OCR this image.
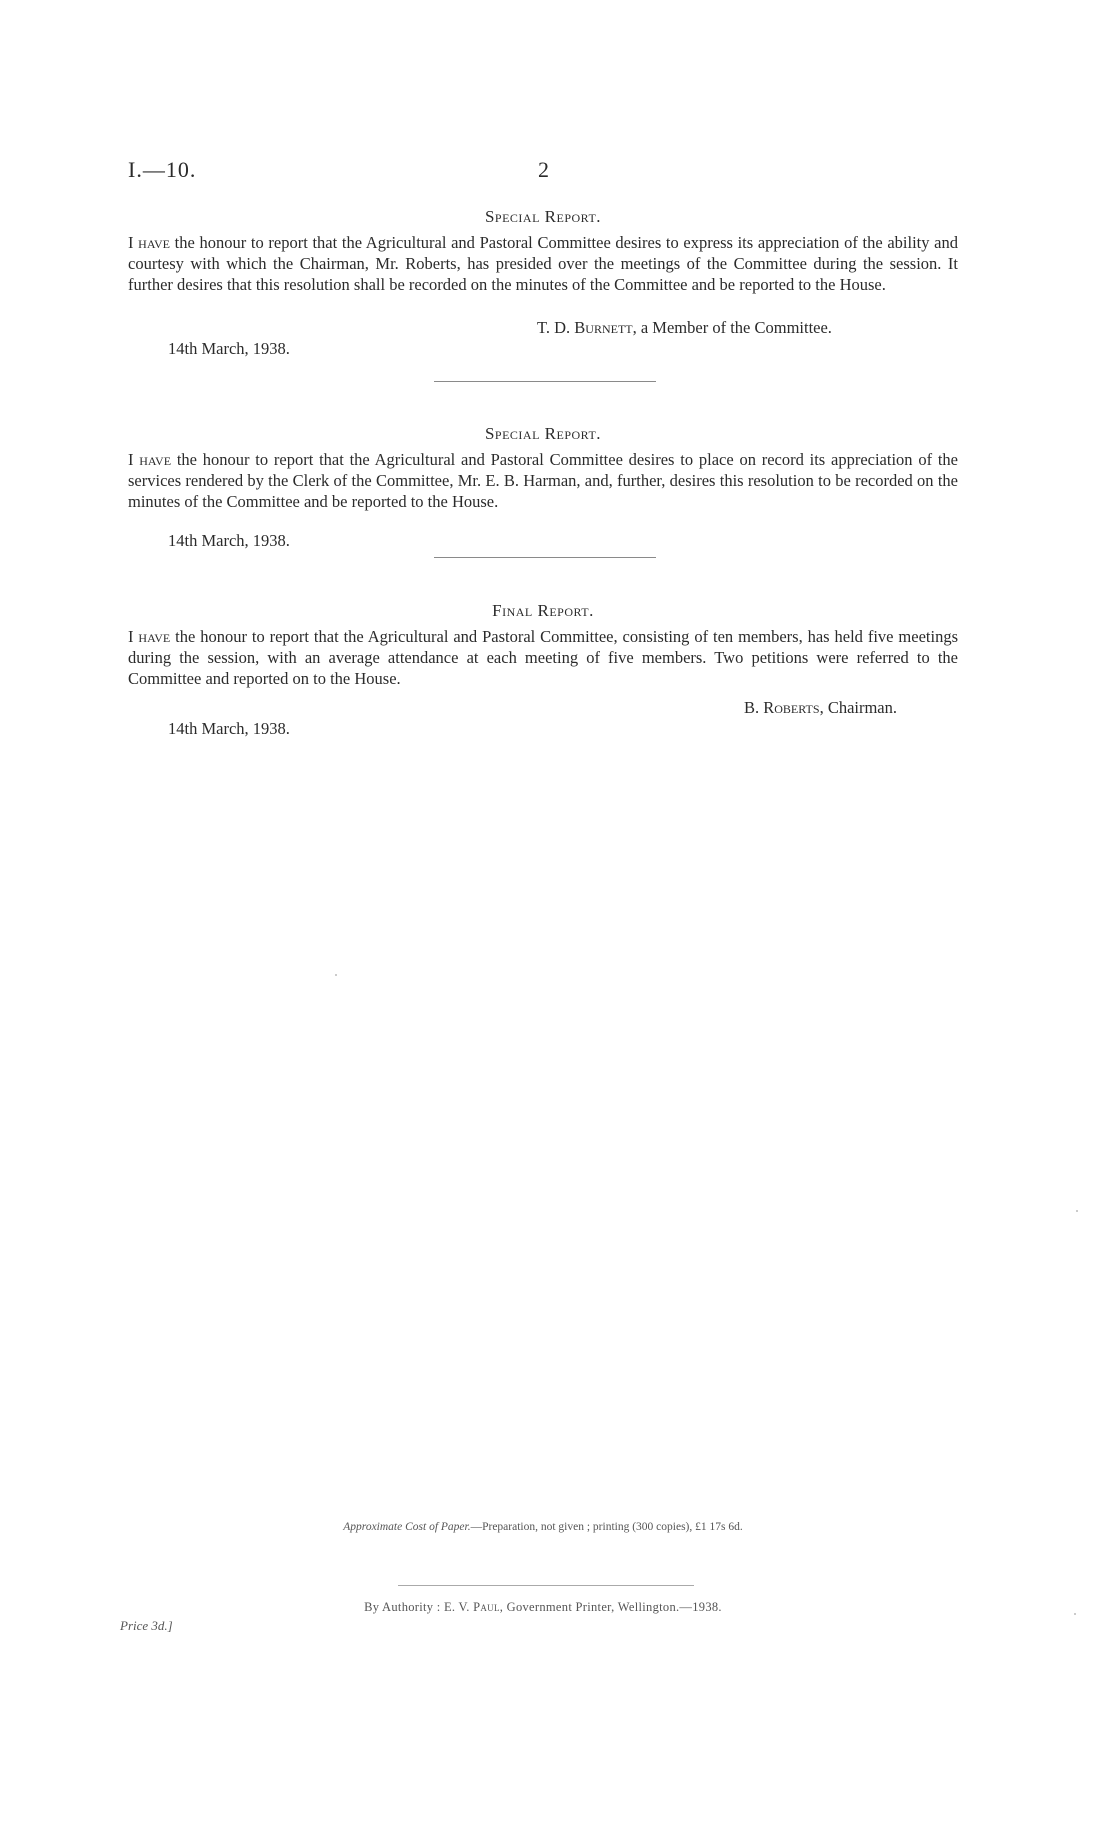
I.—10.	2
Special Report.
I have the honour to report that the Agricultural and Pastoral Committee desires to express its appreciation of the ability and courtesy with which the Chairman, Mr. Roberts, has presided over the meetings of the Committee during the session. It further desires that this resolution shall be recorded on the minutes of the Committee and be reported to the House.
T. D. Burnett, a Member of the Committee.
14th March, 1938.
Special Report.
I have the honour to report that the Agricultural and Pastoral Committee desires to place on record its appreciation of the services rendered by the Clerk of the Committee, Mr. E. B. Harman, and, further, desires this resolution to be recorded on the minutes of the Committee and be reported to the House.
14th March, 1938.
Final Report.
I have the honour to report that the Agricultural and Pastoral Committee, consisting of ten members, has held five meetings during the session, with an average attendance at each meeting of five members. Two petitions were referred to the Committee and reported on to the House.
B. Roberts, Chairman.
14th March, 1938.
Approximate Cost of Paper.—Preparation, not given ; printing (300 copies), £1 17s 6d.
By Authority : E. V. Paul, Government Printer, Wellington.—1938.
Price 3d.]
